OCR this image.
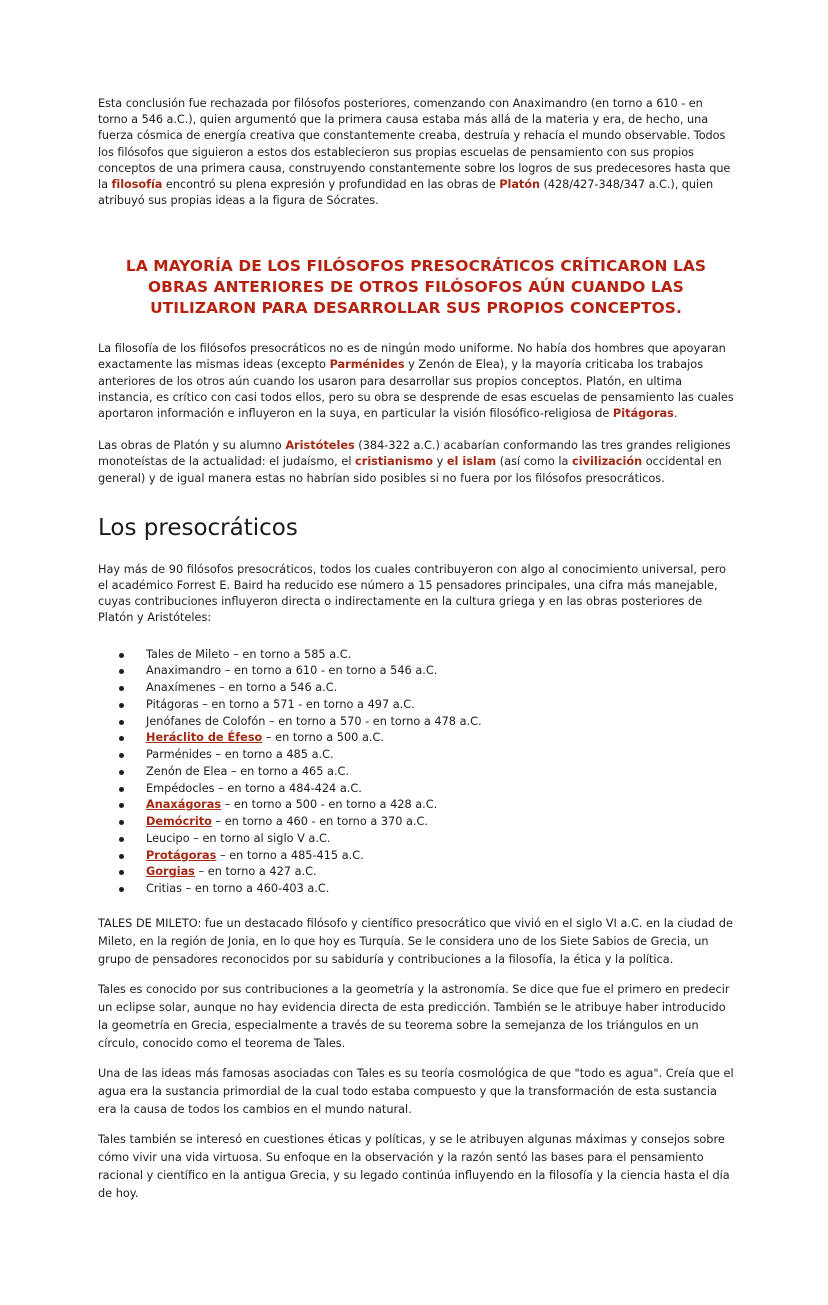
Esta conclusión fue rechazada por filósofos posteriores, comenzando con Anaximandro (en torno a 610 - en torno a 546 a.C.), quien argumentó que la primera causa estaba más allá de la materia y era, de hecho, una fuerza cósmica de energía creativa que constantemente creaba, destruía y rehacía el mundo observable. Todos los filósofos que siguieron a estos dos establecieron sus propias escuelas de pensamiento con sus propios conceptos de una primera causa, construyendo constantemente sobre los logros de sus predecesores hasta que la filosofía encontró su plena expresión y profundidad en las obras de Platón (428/427-348/347 a.C.), quien atribuyó sus propias ideas a la figura de Sócrates.

LA MAYORÍA DE LOS FILÓSOFOS PRESOCRÁTICOS CRÍTICARON LAS OBRAS ANTERIORES DE OTROS FILÓSOFOS AÚN CUANDO LAS UTILIZARON PARA DESARROLLAR SUS PROPIOS CONCEPTOS.

La filosofía de los filósofos presocráticos no es de ningún modo uniforme. No había dos hombres que apoyaran exactamente las mismas ideas (excepto Parménides y Zenón de Elea), y la mayoría criticaba los trabajos anteriores de los otros aún cuando los usaron para desarrollar sus propios conceptos. Platón, en ultima instancia, es crítico con casi todos ellos, pero su obra se desprende de esas escuelas de pensamiento las cuales aportaron información e influyeron en la suya, en particular la visión filosófico-religiosa de Pitágoras.

Las obras de Platón y su alumno Aristóteles (384-322 a.C.) acabarían conformando las tres grandes religiones monoteístas de la actualidad: el judaísmo, el cristianismo y el islam (así como la civilización occidental en general) y de igual manera estas no habrían sido posibles si no fuera por los filósofos presocráticos.

Los presocráticos

Hay más de 90 filósofos presocráticos, todos los cuales contribuyeron con algo al conocimiento universal, pero el académico Forrest E. Baird ha reducido ese número a 15 pensadores principales, una cifra más manejable, cuyas contribuciones influyeron directa o indirectamente en la cultura griega y en las obras posteriores de Platón y Aristóteles:

Tales de Mileto – en torno a 585 a.C.
Anaximandro – en torno a 610 - en torno a 546 a.C.
Anaxímenes – en torno a 546 a.C.
Pitágoras – en torno a 571 - en torno a 497 a.C.
Jenófanes de Colofón – en torno a 570 - en torno a 478 a.C.
Heráclito de Éfeso – en torno a 500 a.C.
Parménides – en torno a 485 a.C.
Zenón de Elea – en torno a 465 a.C.
Empédocles – en torno a 484-424 a.C.
Anaxágoras – en torno a 500 - en torno a 428 a.C.
Demócrito – en torno a 460 - en torno a 370 a.C.
Leucipo – en torno al siglo V a.C.
Protágoras – en torno a 485-415 a.C.
Gorgias – en torno a 427 a.C.
Critias – en torno a 460-403 a.C.

TALES DE MILETO: fue un destacado filósofo y científico presocrático que vivió en el siglo VI a.C. en la ciudad de Mileto, en la región de Jonia, en lo que hoy es Turquía. Se le considera uno de los Siete Sabios de Grecia, un grupo de pensadores reconocidos por su sabiduría y contribuciones a la filosofía, la ética y la política.

Tales es conocido por sus contribuciones a la geometría y la astronomía. Se dice que fue el primero en predecir un eclipse solar, aunque no hay evidencia directa de esta predicción. También se le atribuye haber introducido la geometría en Grecia, especialmente a través de su teorema sobre la semejanza de los triángulos en un círculo, conocido como el teorema de Tales.

Una de las ideas más famosas asociadas con Tales es su teoría cosmológica de que "todo es agua". Creía que el agua era la sustancia primordial de la cual todo estaba compuesto y que la transformación de esta sustancia era la causa de todos los cambios en el mundo natural.

Tales también se interesó en cuestiones éticas y políticas, y se le atribuyen algunas máximas y consejos sobre cómo vivir una vida virtuosa. Su enfoque en la observación y la razón sentó las bases para el pensamiento racional y científico en la antigua Grecia, y su legado continúa influyendo en la filosofía y la ciencia hasta el día de hoy.
